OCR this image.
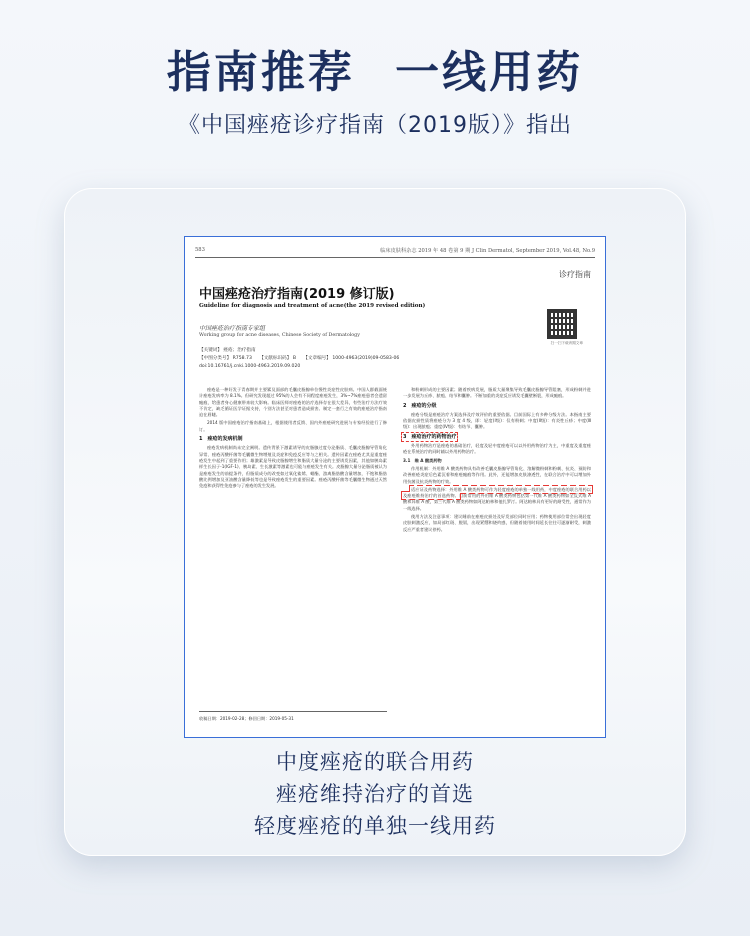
指南推荐 一线用药
《中国痤疮诊疗指南（2019版）》指出
583	临床皮肤科杂志 2019 年 48 卷第 9 期 J Clin Dermatol, September 2019, Vol.48, No.9
诊疗指南
中国痤疮治疗指南(2019 修订版)
Guideline for diagnosis and treatment of acne(the 2019 revised edition)
中国痤疮治疗指南专家组
Working group for acne diseases, Chinese Society of Dermatology
扫一扫下载该期文章
【关键词】 痤疮；治疗指南
【中图分类号】 R758.73 【文献标识码】 B 【文章编号】 1000-4963(2019)09-0583-06
doi:10.16761/j.cnki.1000-4963.2019.09.020

痤疮是一种好发于青春期并主要累及面部的毛囊皮脂腺单位慢性炎症性皮肤病。中国人群截面统计痤疮发病率为 8.1%。但研究发现超过 95%的人会有不同程度痤疮发生，3%~7%痤疮患者会遗留瘢痕，给患者身心健康带来较大影响。临床医师对痤疮的治疗选择存在很大差异，有些治疗方法疗效不肯定，缺乏循证医学证据支持，个别方法甚至对患者造成损害。制定一套行之有效的痤疮治疗指南迫在眉睫。

2014 版中国痤疮治疗指南基础上，根据使用者反馈、国内外痤疮研究进展与专家经验进行了修订。

1　痤疮的发病机制

痤疮发病机制尚未完全阐明。遗传背景下激素诱导的皮脂腺过度分泌脂质、毛囊皮脂腺导管角化异常、痤疮丙酸杆菌等毛囊微生物增殖及炎症和免疫反应等与之相关。遗传因素在痤疮尤其是重度痤疮发生中起到了重要作用；雄激素是导致皮脂腺增生和脂质大量分泌的主要诱发因素，其他如胰岛素样生长因子-1(IGF-1)、胰岛素、生长激素等激素也可能与痤疮发生有关。皮脂腺大量分泌脂质被认为是痤疮发生的前提条件，但脂质成分的改变如过氧化鲨烯、蜡酯、游离脂肪酸含量增加，不饱和脂肪酸比例增加及亚油酸含量降低等也是导致痤疮发生的重要因素。痤疮丙酸杆菌等毛囊微生物通过天然免疫和获得性免疫参与了痤疮的发生发展。

和粉刺形成的主要因素；随着疾病发展，脂质大量聚集导致毛囊皮脂腺导管阻塞，形成粉刺并进一步发展为丘疹、脓疱、结节和囊肿。不断加重的炎症反应诱发毛囊壁断裂，形成瘢痕。

2　痤疮的分级

痤疮分级是痤疮治疗方案选择及疗效评价的重要依据。目前国际上有多种分级方法。本指南主要依据皮损性质将痤疮分为 3 度 4 级，即：轻度(Ⅰ级)：仅有粉刺；中度(Ⅱ级)：有炎性丘疹；中度(Ⅲ级)：出现脓疱；重度(Ⅳ级)：有结节、囊肿。

3　痤疮治疗的药物治疗

外用药物治疗是痤疮的基础治疗，轻度及轻中度痤疮可以以外用药物治疗为主，中重度及重度痤疮在系统治疗的同时辅以外用药物治疗。

3.1　维 A 酸类药物

作用机制：外用维 A 酸类药物具有改善毛囊皮脂腺导管角化、溶解微粉刺和粉刺、抗炎、预防和改善痤疮炎症后色素沉着和痤疮瘢痕等作用。此外，还能增加皮肤渗透性，在联合治疗中可以增加外用抗菌及抗炎药物的疗效。

适应证及药物选择：外用维 A 酸类药物可作为轻度痤疮的单独一线用药，中度痤疮的联合用药以及痤疮维持治疗的首选药物。目前常用的外用维 A 酸类药物包括第一代维 A 酸类药物如全反式维 A 酸和异维 A 酸，第三代维 A 酸类药物如阿达帕林和他扎罗汀。阿达帕林具有更好的耐受性，通常作为一线选择。

使用方法及注意事项：建议睡前在痤疮皮损处及好发部位同时应用；药物使用部位常会出现轻度皮肤刺激反应，如局部红斑、脱屑，出现紧绷和烧灼感，但随着使用时间延长往往可逐渐耐受，刺激反应严重者建议停药。

收稿日期：2019-02-28；修回日期：2019-05-31
中度痤疮的联合用药
痤疮维持治疗的首选
轻度痤疮的单独一线用药
